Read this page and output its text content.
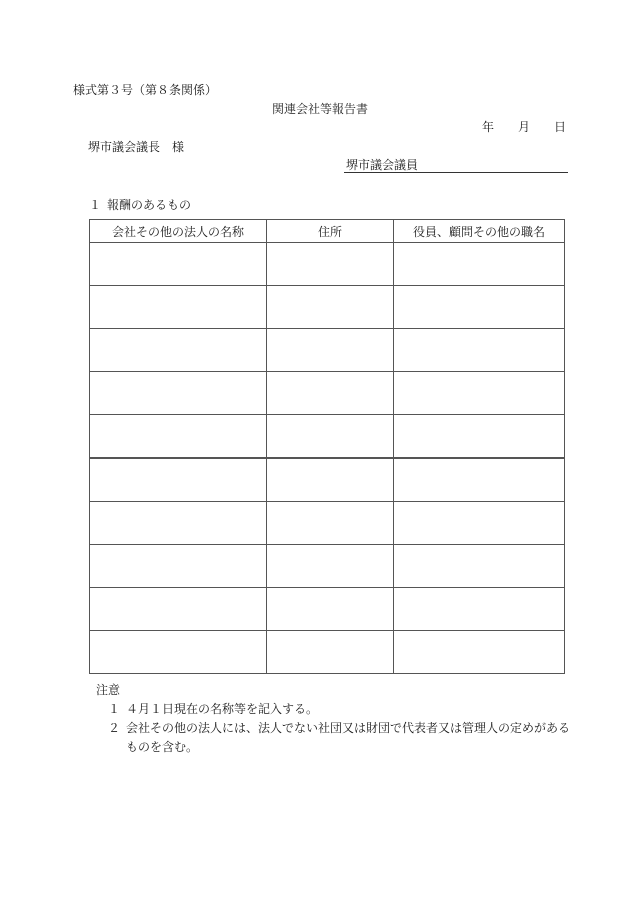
様式第３号（第８条関係）
関連会社等報告書
年 月 日
堺市議会議長　様
堺市議会議員
１ 報酬のあるもの
会社その他の法人の名称	住所	役員、顧問その他の職名

注意
１ ４月１日現在の名称等を記入する。
２ 会社その他の法人には、法人でない社団又は財団で代表者又は管理人の定めがある
ものを含む。
